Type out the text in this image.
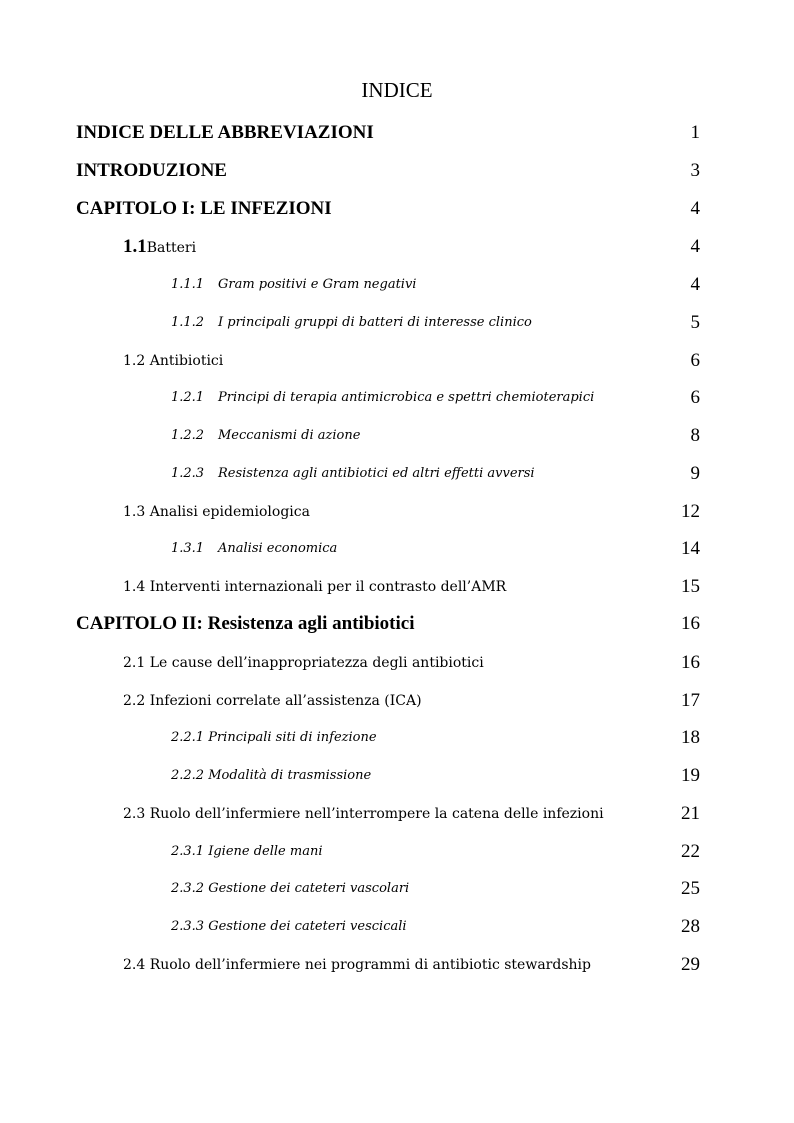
INDICE
INDICE DELLE ABBREVIAZIONI	1
INTRODUZIONE	3
CAPITOLO I: LE INFEZIONI	4
1.1Batteri	4
1.1.1 Gram positivi e Gram negativi	4
1.1.2 I principali gruppi di batteri di interesse clinico	5
1.2 Antibiotici	6
1.2.1 Principi di terapia antimicrobica e spettri chemioterapici	6
1.2.2 Meccanismi di azione	8
1.2.3 Resistenza agli antibiotici ed altri effetti avversi	9
1.3 Analisi epidemiologica	12
1.3.1 Analisi economica	14
1.4 Interventi internazionali per il contrasto dell’AMR	15
CAPITOLO II: Resistenza agli antibiotici	16
2.1 Le cause dell’inappropriatezza degli antibiotici	16
2.2 Infezioni correlate all’assistenza (ICA)	17
2.2.1 Principali siti di infezione	18
2.2.2 Modalità di trasmissione	19
2.3 Ruolo dell’infermiere nell’interrompere la catena delle infezioni	21
2.3.1 Igiene delle mani	22
2.3.2 Gestione dei cateteri vascolari	25
2.3.3 Gestione dei cateteri vescicali	28
2.4 Ruolo dell’infermiere nei programmi di antibiotic stewardship	29
